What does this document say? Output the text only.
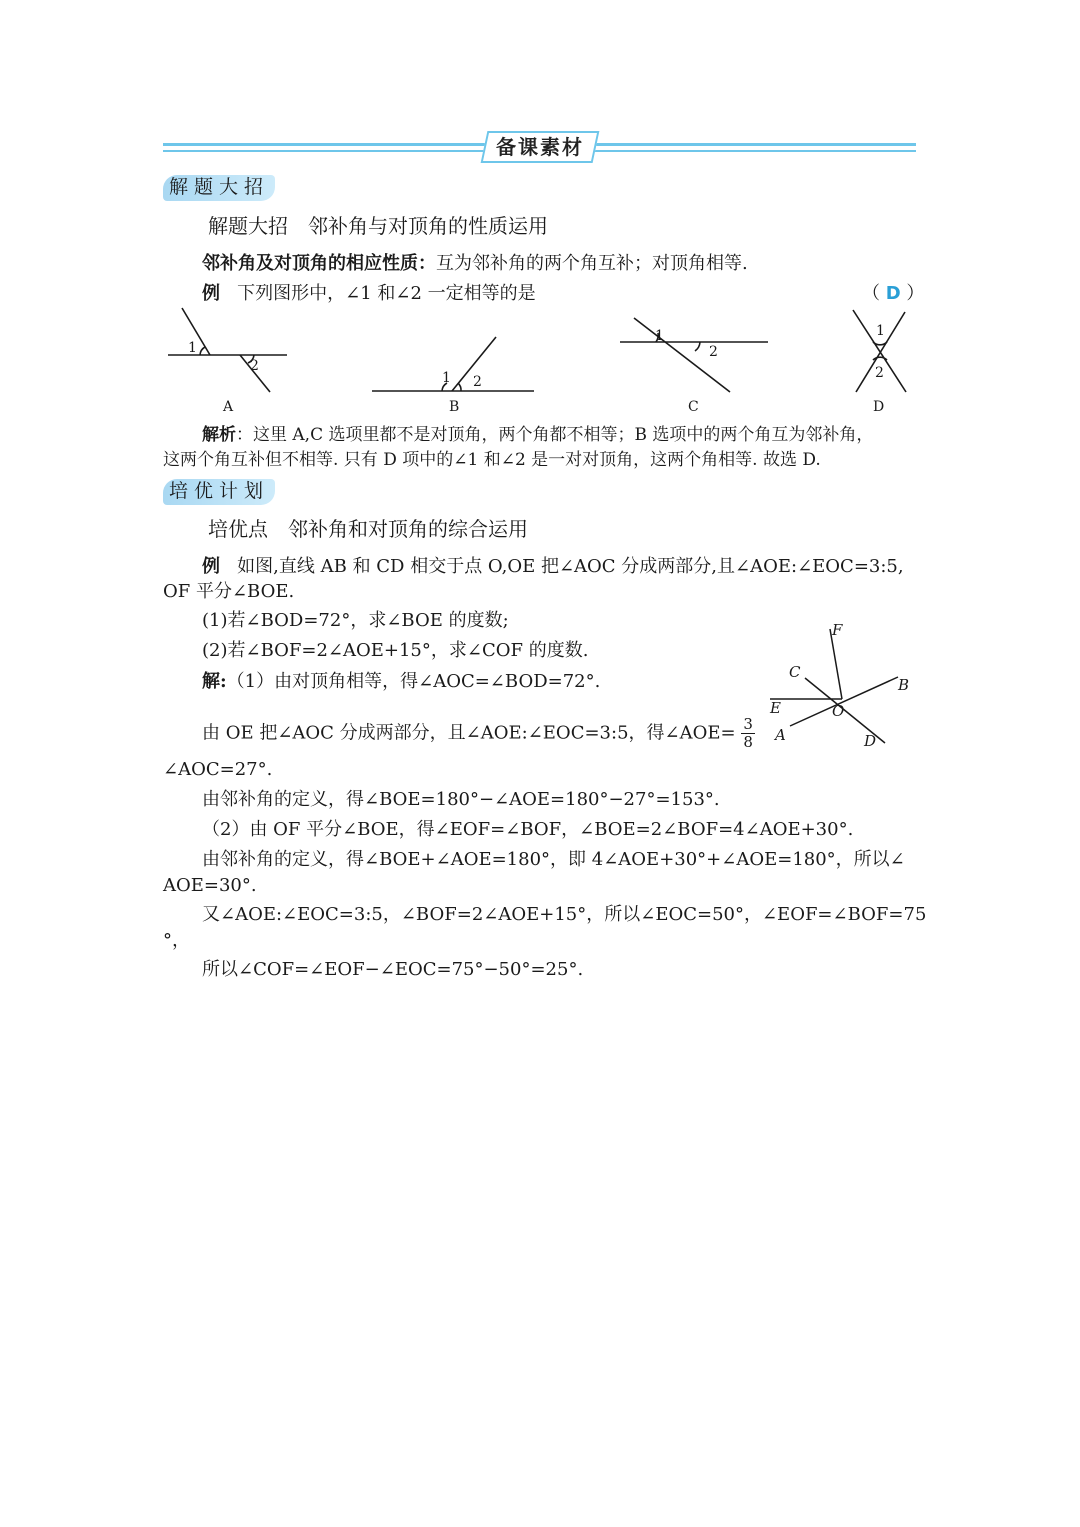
备课素材
解题大招
解题大招　邻补角与对顶角的性质运用
邻补角及对顶角的相应性质：互为邻补角的两个角互补；对顶角相等.
例 下列图形中，∠1 和∠2 一定相等的是	（ D ）
1
2
1 2
1
2
1
2
A	B	C	D
解析：这里 A,C 选项里都不是对顶角，两个角都不相等；B 选项中的两个角互为邻补角，
这两个角互补但不相等. 只有 D 项中的∠1 和∠2 是一对对顶角，这两个角相等. 故选 D.
培优计划
培优点　邻补角和对顶角的综合运用
例 如图,直线 AB 和 CD 相交于点 O,OE 把∠AOC 分成两部分,且∠AOE:∠EOC=3:5,
OF 平分∠BOE.
(1)若∠BOD=72°，求∠BOE 的度数;
(2)若∠BOF=2∠AOE+15°，求∠COF 的度数.
解:（1）由对顶角相等，得∠AOC=∠BOD=72°.
由 OE 把∠AOC 分成两部分，且∠AOE:∠EOC=3:5，得∠AOE= $\frac{3}{8}$
∠AOC=27°.
由邻补角的定义，得∠BOE=180°−∠AOE=180°−27°=153°.
（2）由 OF 平分∠BOE，得∠EOF=∠BOF，∠BOE=2∠BOF=4∠AOE+30°.
由邻补角的定义，得∠BOE+∠AOE=180°，即 4∠AOE+30°+∠AOE=180°，所以∠
AOE=30°.
又∠AOE:∠EOC=3:5，∠BOF=2∠AOE+15°，所以∠EOC=50°，∠EOF=∠BOF=75
°，
所以∠COF=∠EOF−∠EOC=75°−50°=25°.
F
C
B
E	O
A	D
